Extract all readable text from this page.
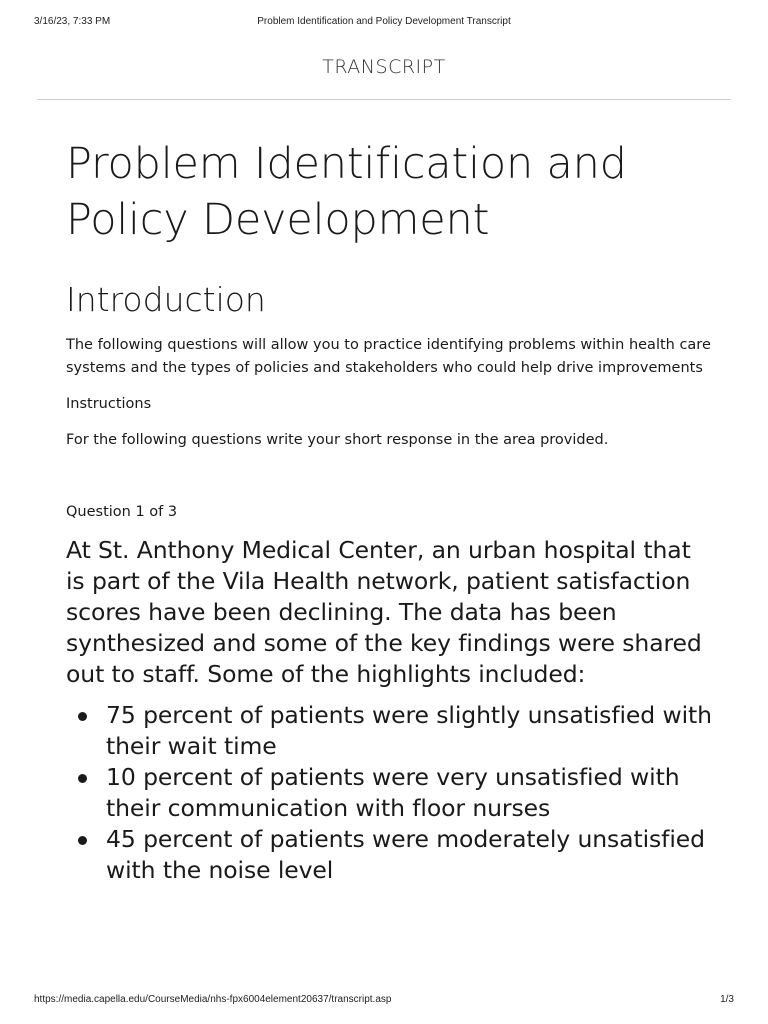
3/16/23, 7:33 PM	Problem Identification and Policy Development Transcript
TRANSCRIPT
Problem Identification and Policy Development
Introduction

The following questions will allow you to practice identifying problems within health care systems and the types of policies and stakeholders who could help drive improvements

Instructions

For the following questions write your short response in the area provided.

Question 1 of 3

At St. Anthony Medical Center, an urban hospital that is part of the Vila Health network, patient satisfaction scores have been declining. The data has been synthesized and some of the key findings were shared out to staff. Some of the highlights included:

75 percent of patients were slightly unsatisfied with their wait time
10 percent of patients were very unsatisfied with their communication with floor nurses
45 percent of patients were moderately unsatisfied with the noise level
https://media.capella.edu/CourseMedia/nhs-fpx6004element20637/transcript.asp	1/3
